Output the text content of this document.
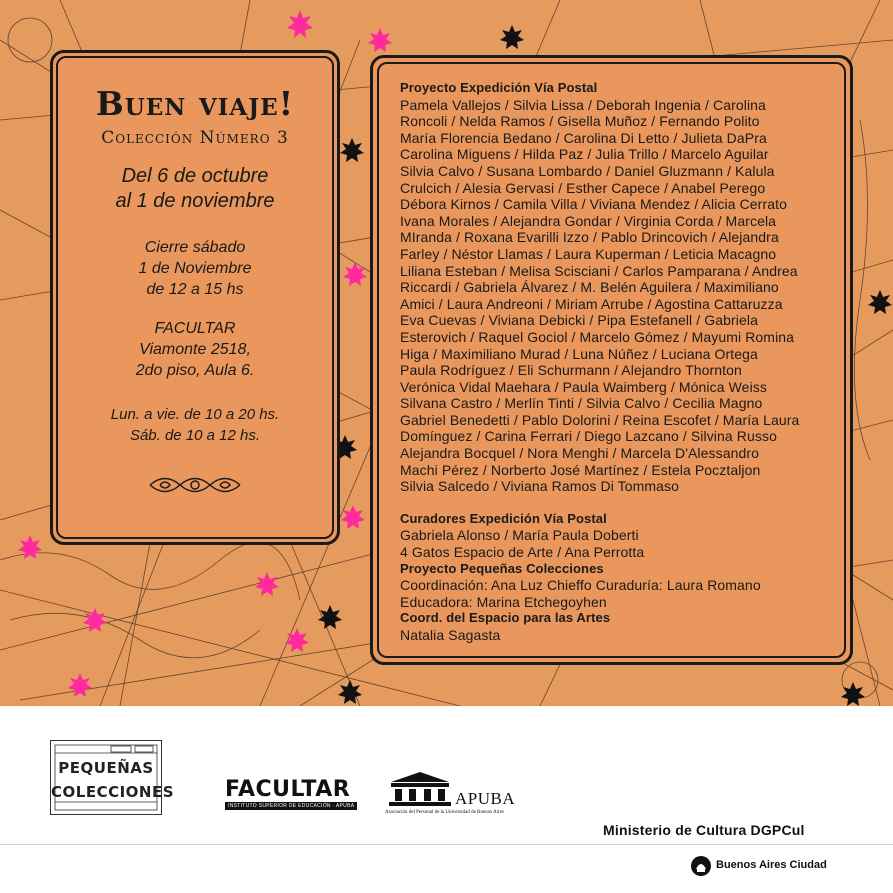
Buen viaje!
Colección Número 3
Del 6 de octubre
al 1 de noviembre
Cierre sábado
1 de Noviembre
de 12 a 15 hs
FACULTAR
Viamonte 2518,
2do piso, Aula 6.
Lun. a vie. de 10 a 20 hs.
Sáb. de 10 a 12 hs.
Proyecto Expedición Vía Postal
Pamela Vallejos / Silvia Lissa / Deborah Ingenia / Carolina
Roncoli / Nelda Ramos / Gisella Muñoz / Fernando Polito
María Florencia Bedano / Carolina Di Letto / Julieta DaPra
Carolina Miguens / Hilda Paz / Julia Trillo / Marcelo Aguilar
Silvia Calvo / Susana Lombardo / Daniel Gluzmann / Kalula
Crulcich / Alesia Gervasi / Esther Capece / Anabel Perego
Débora Kirnos / Camila Villa / Viviana Mendez / Alicia Cerrato
Ivana Morales / Alejandra Gondar / Virginia Corda / Marcela
MIranda / Roxana Evarilli Izzo / Pablo Drincovich / Alejandra
Farley / Néstor Llamas / Laura Kuperman / Leticia Macagno
Liliana Esteban / Melisa Scisciani / Carlos Pamparana / Andrea
Riccardi / Gabriela Álvarez / M. Belén Aguilera / Maximiliano
Amici / Laura Andreoni / Miriam Arrube / Agostina Cattaruzza
Eva Cuevas / Viviana Debicki / Pipa Estefanell / Gabriela
Esterovich / Raquel Gociol / Marcelo Gómez / Mayumi Romina
Higa / Maximiliano Murad / Luna Núñez / Luciana Ortega
Paula Rodríguez / Eli Schurmann / Alejandro Thornton
Verónica Vidal Maehara / Paula Waimberg / Mónica Weiss
Silvana Castro / Merlín Tinti / Silvia Calvo / Cecilia Magno
Gabriel Benedetti / Pablo Dolorini / Reina Escofet / María Laura
Domínguez / Carina Ferrari / Diego Lazcano / Silvina Russo
Alejandra Bocquel / Nora Menghi / Marcela D'Alessandro
Machi Pérez / Norberto José Martínez / Estela Pocztaljon
Silvia Salcedo / Viviana Ramos Di Tommaso
Curadores Expedición Vía Postal
Gabriela Alonso / María Paula Doberti
4 Gatos Espacio de Arte / Ana Perrotta
Proyecto Pequeñas Colecciones
Coordinación: Ana Luz Chieffo Curaduría: Laura Romano
Educadora: Marina Etchegoyhen
Coord. del Espacio para las Artes
Natalia Sagasta
PEQUEÑAS
COLECCIONES FACULTAR
INSTITUTO SUPERIOR DE EDUCACIÓN · APUBA	APUBA
Asociación del Personal de la Universidad de Buenos Aires
Ministerio de Cultura DGPCul
Buenos Aires Ciudad
